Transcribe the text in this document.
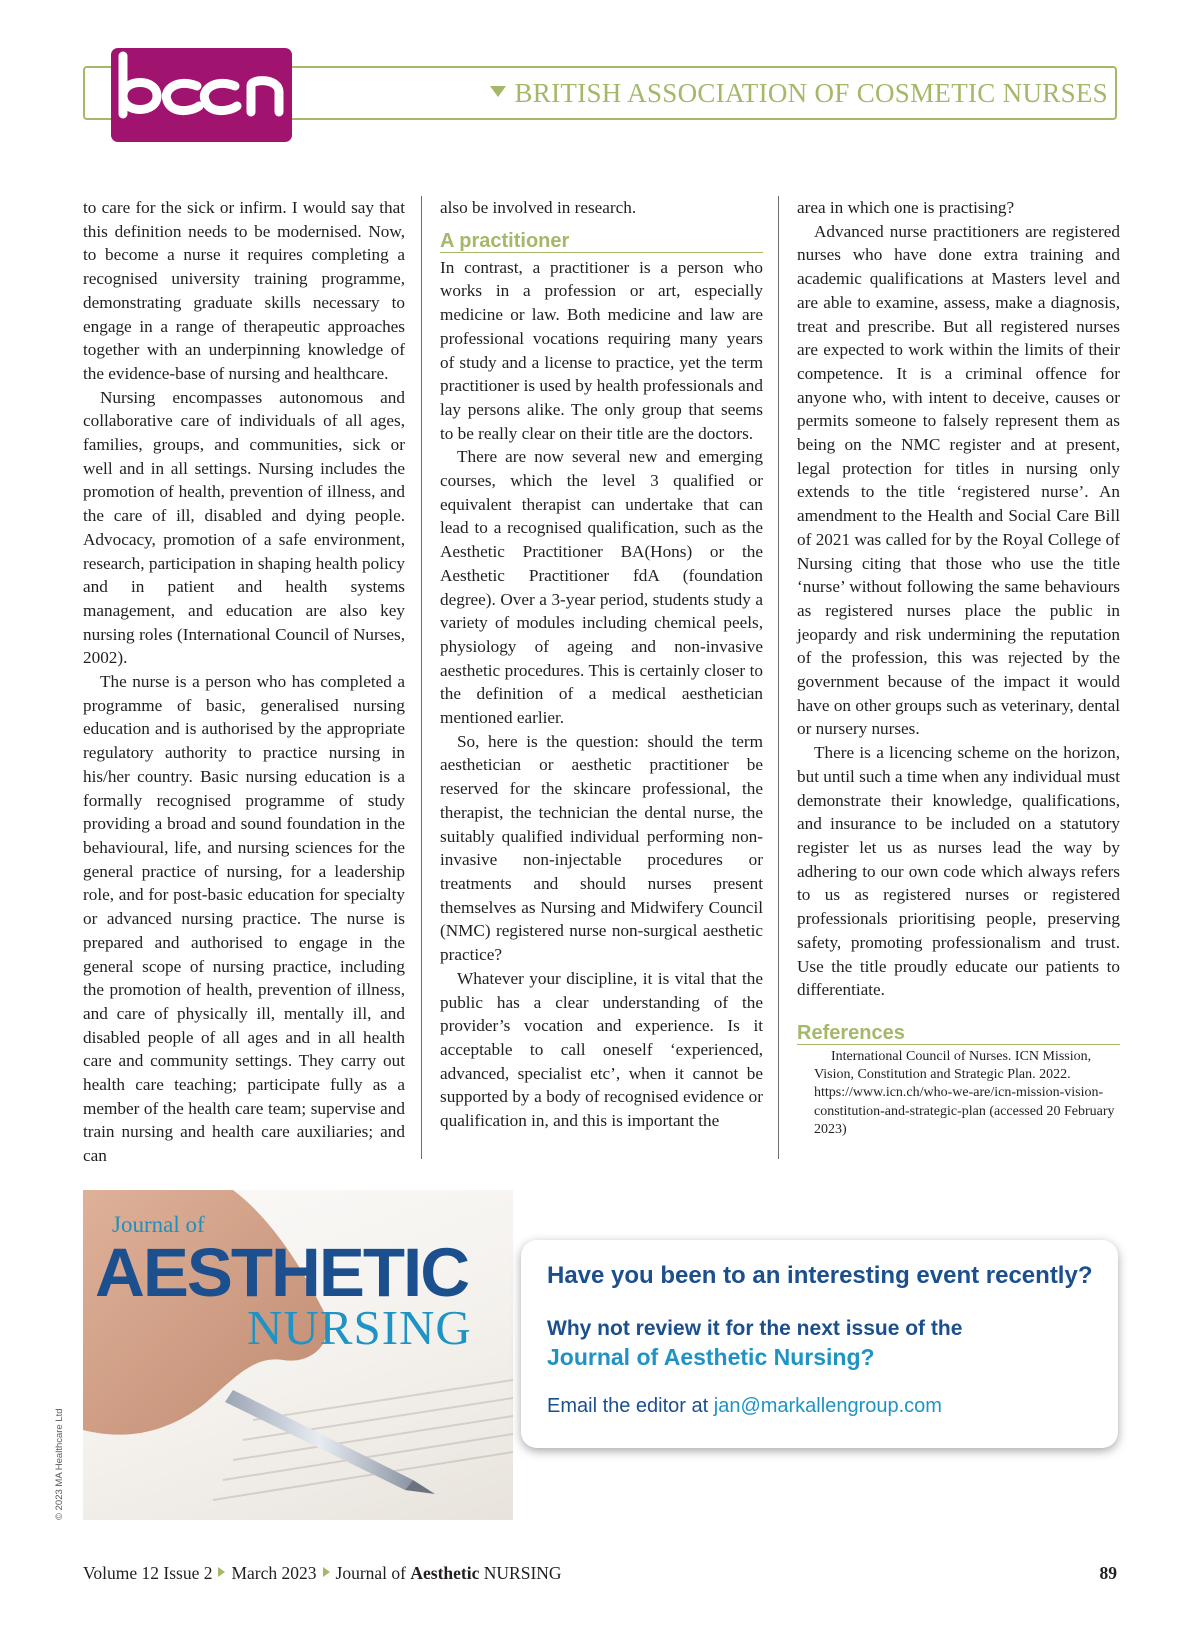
BRITISH ASSOCIATION OF COSMETIC NURSES

to care for the sick or infirm. I would say that this definition needs to be modernised. Now, to become a nurse it requires completing a recognised university training programme, demonstrating graduate skills necessary to engage in a range of therapeutic approaches together with an underpinning knowledge of the evidence-base of nursing and healthcare.

Nursing encompasses autonomous and collaborative care of individuals of all ages, families, groups, and communities, sick or well and in all settings. Nursing includes the promotion of health, prevention of illness, and the care of ill, disabled and dying people. Advocacy, promotion of a safe environment, research, participation in shaping health policy and in patient and health systems management, and education are also key nursing roles (International Council of Nurses, 2002).

The nurse is a person who has completed a programme of basic, generalised nursing education and is authorised by the appropriate regulatory authority to practice nursing in his/her country. Basic nursing education is a formally recognised programme of study providing a broad and sound foundation in the behavioural, life, and nursing sciences for the general practice of nursing, for a leadership role, and for post-basic education for specialty or advanced nursing practice. The nurse is prepared and authorised to engage in the general scope of nursing practice, including the promotion of health, prevention of illness, and care of physically ill, mentally ill, and disabled people of all ages and in all health care and community settings. They carry out health care teaching; participate fully as a member of the health care team; supervise and train nursing and health care auxiliaries; and can

also be involved in research.

A practitioner

In contrast, a practitioner is a person who works in a profession or art, especially medicine or law. Both medicine and law are professional vocations requiring many years of study and a license to practice, yet the term practitioner is used by health professionals and lay persons alike. The only group that seems to be really clear on their title are the doctors.

There are now several new and emerging courses, which the level 3 qualified or equivalent therapist can undertake that can lead to a recognised qualification, such as the Aesthetic Practitioner BA(Hons) or the Aesthetic Practitioner fdA (foundation degree). Over a 3-year period, students study a variety of modules including chemical peels, physiology of ageing and non-invasive aesthetic procedures. This is certainly closer to the definition of a medical aesthetician mentioned earlier.

So, here is the question: should the term aesthetician or aesthetic practitioner be reserved for the skincare professional, the therapist, the technician the dental nurse, the suitably qualified individual performing non-invasive non-injectable procedures or treatments and should nurses present themselves as Nursing and Midwifery Council (NMC) registered nurse non-surgical aesthetic practice?

Whatever your discipline, it is vital that the public has a clear understanding of the provider’s vocation and experience. Is it acceptable to call oneself ‘experienced, advanced, specialist etc’, when it cannot be supported by a body of recognised evidence or qualification in, and this is important the

area in which one is practising?

Advanced nurse practitioners are registered nurses who have done extra training and academic qualifications at Masters level and are able to examine, assess, make a diagnosis, treat and prescribe. But all registered nurses are expected to work within the limits of their competence. It is a criminal offence for anyone who, with intent to deceive, causes or permits someone to falsely represent them as being on the NMC register and at present, legal protection for titles in nursing only extends to the title ‘registered nurse’. An amendment to the Health and Social Care Bill of 2021 was called for by the Royal College of Nursing citing that those who use the title ‘nurse’ without following the same behaviours as registered nurses place the public in jeopardy and risk undermining the reputation of the profession, this was rejected by the government because of the impact it would have on other groups such as veterinary, dental or nursery nurses.

There is a licencing scheme on the horizon, but until such a time when any individual must demonstrate their knowledge, qualifications, and insurance to be included on a statutory register let us as nurses lead the way by adhering to our own code which always refers to us as registered nurses or registered professionals prioritising people, preserving safety, promoting professionalism and trust. Use the title proudly educate our patients to differentiate.

References

International Council of Nurses. ICN Mission, Vision, Constitution and Strategic Plan. 2022. https://www.icn.ch/who-we-are/icn-mission-vision-constitution-and-strategic-plan (accessed 20 February 2023)

Journal of
AESTHETIC
NURSING
© 2023 MA Healthcare Ltd
Have you been to an interesting event recently?
Why not review it for the next issue of the
Journal of Aesthetic Nursing?
Email the editor at jan@markallengroup.com
Volume 12 Issue 2 March 2023 Journal of Aesthetic NURSING	89
